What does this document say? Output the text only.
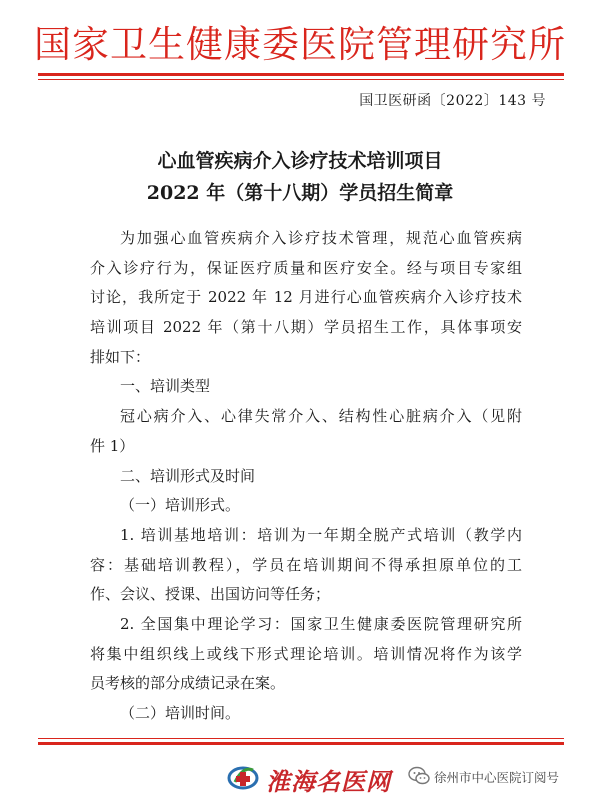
国家卫生健康委医院管理研究所
国卫医研函〔2022〕143 号
心血管疾病介入诊疗技术培训项目
2022 年（第十八期）学员招生简章
为加强心血管疾病介入诊疗技术管理，规范心血管疾病
介入诊疗行为，保证医疗质量和医疗安全。经与项目专家组
讨论，我所定于 2022 年 12 月进行心血管疾病介入诊疗技术
培训项目 2022 年（第十八期）学员招生工作，具体事项安
排如下：
一、培训类型
冠心病介入、心律失常介入、结构性心脏病介入（见附
件 1）
二、培训形式及时间
（一）培训形式。
1. 培训基地培训：培训为一年期全脱产式培训（教学内
容：基础培训教程），学员在培训期间不得承担原单位的工
作、会议、授课、出国访问等任务；
2. 全国集中理论学习：国家卫生健康委医院管理研究所
将集中组织线上或线下形式理论培训。培训情况将作为该学
员考核的部分成绩记录在案。
（二）培训时间。
淮海名医网	徐州市中心医院订阅号
